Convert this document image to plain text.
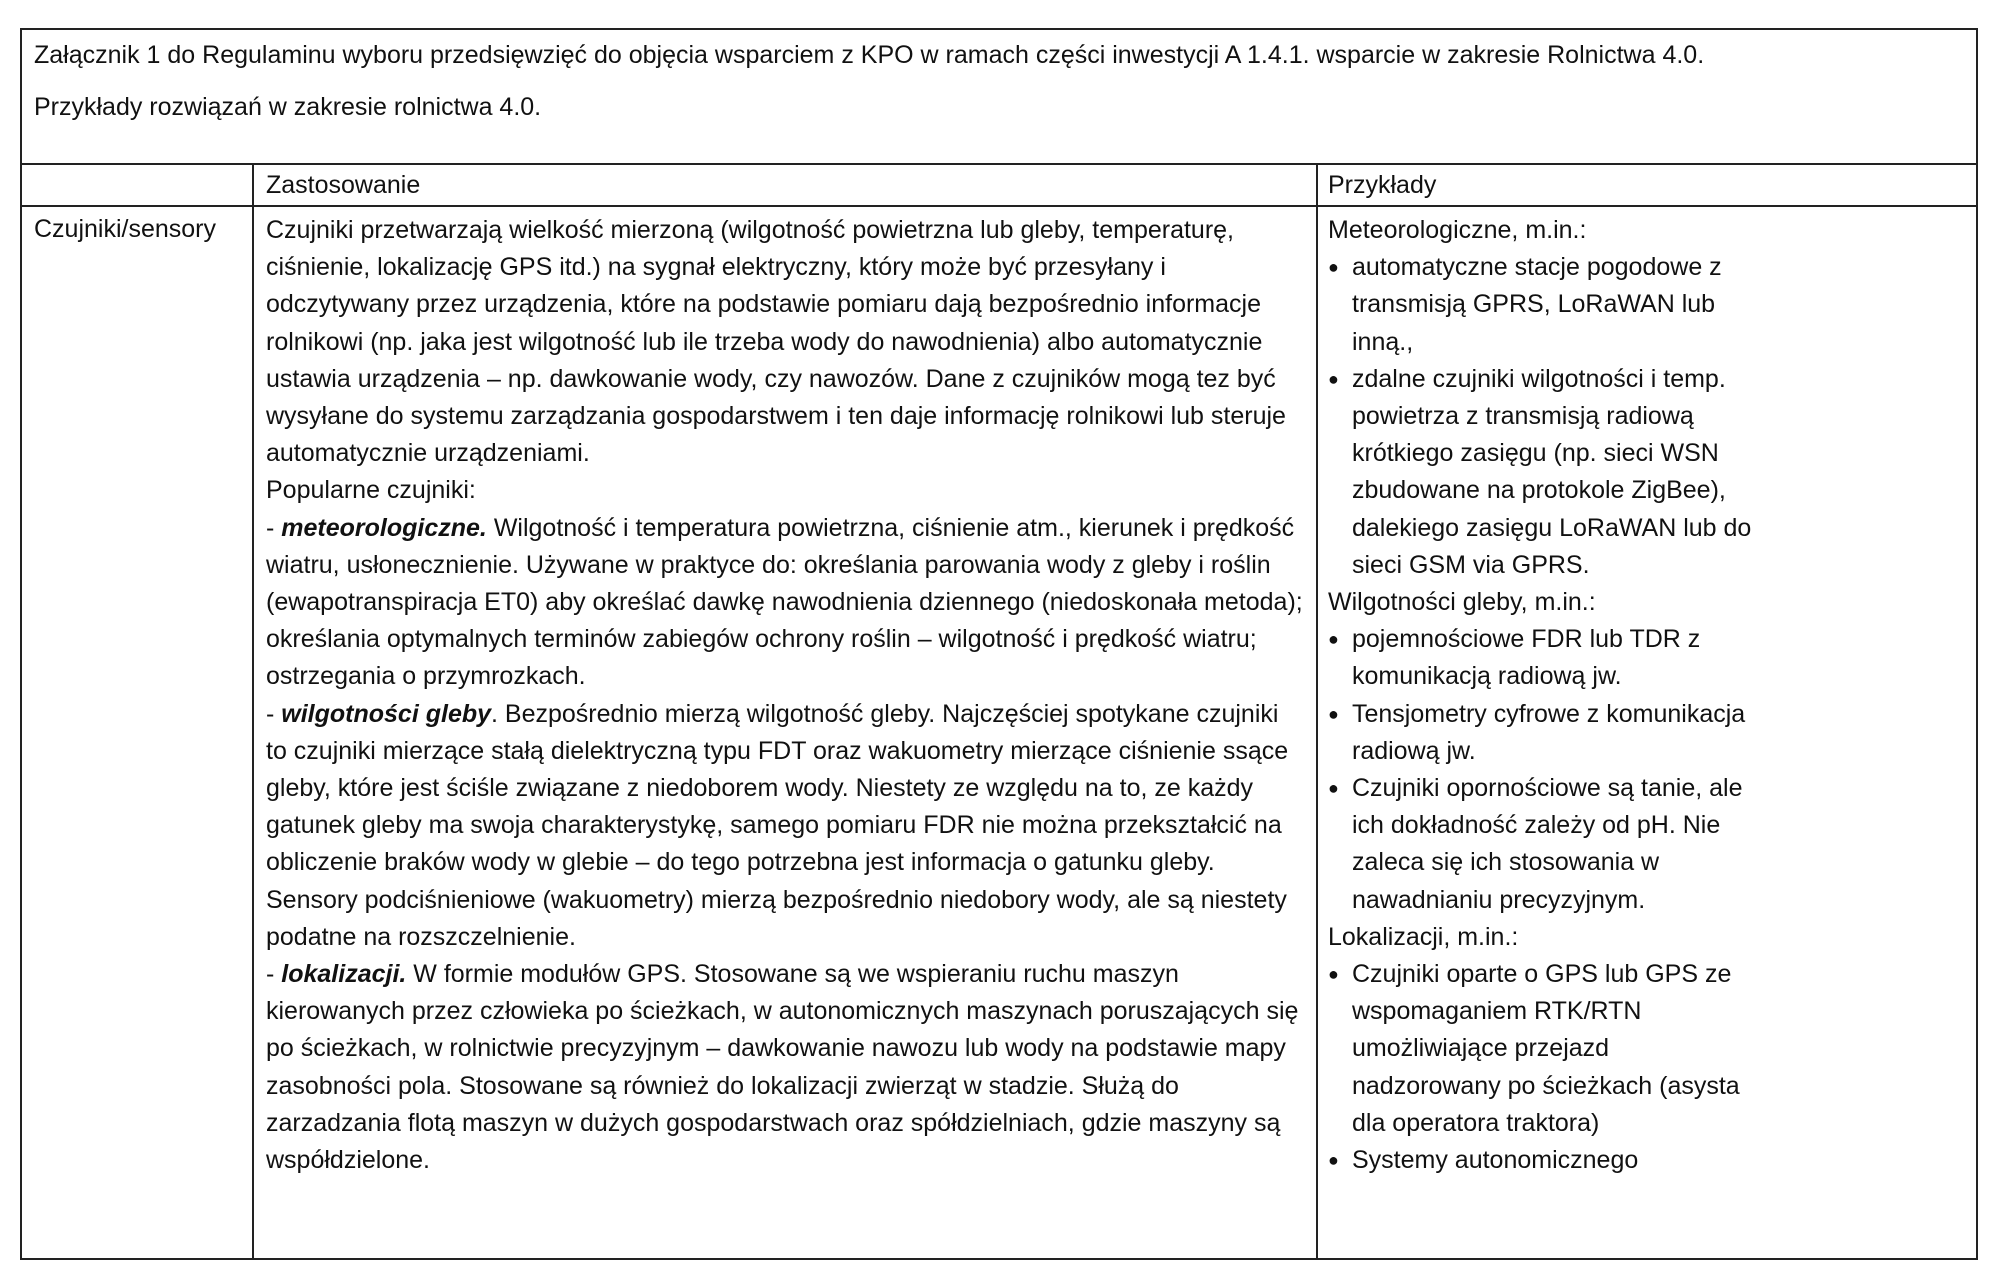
Załącznik 1 do Regulaminu wyboru przedsięwzięć do objęcia wsparciem z KPO w ramach części inwestycji A 1.4.1. wsparcie w zakresie Rolnictwa 4.0.
Przykłady rozwiązań w zakresie rolnictwa 4.0.
Zastosowanie	Przykłady
Czujniki/sensory Czujniki przetwarzają wielkość mierzoną (wilgotność powietrzna lub gleby, temperaturę, ciśnienie, lokalizację GPS itd.) na sygnał elektryczny, który może być przesyłany i odczytywany przez urządzenia, które na podstawie pomiaru dają bezpośrednio informacje rolnikowi (np. jaka jest wilgotność lub ile trzeba wody do nawodnienia) albo automatycznie ustawia urządzenia – np. dawkowanie wody, czy nawozów. Dane z czujników mogą tez być wysyłane do systemu zarządzania gospodarstwem i ten daje informację rolnikowi lub steruje automatycznie urządzeniami.

Popularne czujniki:

- meteorologiczne. Wilgotność i temperatura powietrzna, ciśnienie atm., kierunek i prędkość wiatru, usłonecznienie. Używane w praktyce do: określania parowania wody z gleby i roślin (ewapotranspiracja ET0) aby określać dawkę nawodnienia dziennego (niedoskonała metoda); określania optymalnych terminów zabiegów ochrony roślin – wilgotność i prędkość wiatru; ostrzegania o przymrozkach.

- wilgotności gleby. Bezpośrednio mierzą wilgotność gleby. Najczęściej spotykane czujniki to czujniki mierzące stałą dielektryczną typu FDT oraz wakuometry mierzące ciśnienie ssące gleby, które jest ściśle związane z niedoborem wody. Niestety ze względu na to, ze każdy gatunek gleby ma swoja charakterystykę, samego pomiaru FDR nie można przekształcić na obliczenie braków wody w glebie – do tego potrzebna jest informacja o gatunku gleby. Sensory podciśnieniowe (wakuometry) mierzą bezpośrednio niedobory wody, ale są niestety podatne na rozszczelnienie.

- lokalizacji. W formie modułów GPS. Stosowane są we wspieraniu ruchu maszyn kierowanych przez człowieka po ścieżkach, w autonomicznych maszynach poruszających się po ścieżkach, w rolnictwie precyzyjnym – dawkowanie nawozu lub wody na podstawie mapy zasobności pola. Stosowane są również do lokalizacji zwierząt w stadzie. Służą do zarzadzania flotą maszyn w dużych gospodarstwach oraz spółdzielniach, gdzie maszyny są współdzielone.

Meteorologiczne, m.in.:

● automatyczne stacje pogodowe z transmisją GPRS, LoRaWAN lub inną.,
● zdalne czujniki wilgotności i temp. powietrza z transmisją radiową krótkiego zasięgu (np. sieci WSN zbudowane na protokole ZigBee), dalekiego zasięgu LoRaWAN lub do sieci GSM via GPRS.

Wilgotności gleby, m.in.:

● pojemnościowe FDR lub TDR z komunikacją radiową jw.
● Tensjometry cyfrowe z komunikacja radiową jw.
● Czujniki opornościowe są tanie, ale ich dokładność zależy od pH. Nie zaleca się ich stosowania w nawadnianiu precyzyjnym.

Lokalizacji, m.in.:

● Czujniki oparte o GPS lub GPS ze wspomaganiem RTK/RTN umożliwiające przejazd nadzorowany po ścieżkach (asysta dla operatora traktora)
● Systemy autonomicznego
